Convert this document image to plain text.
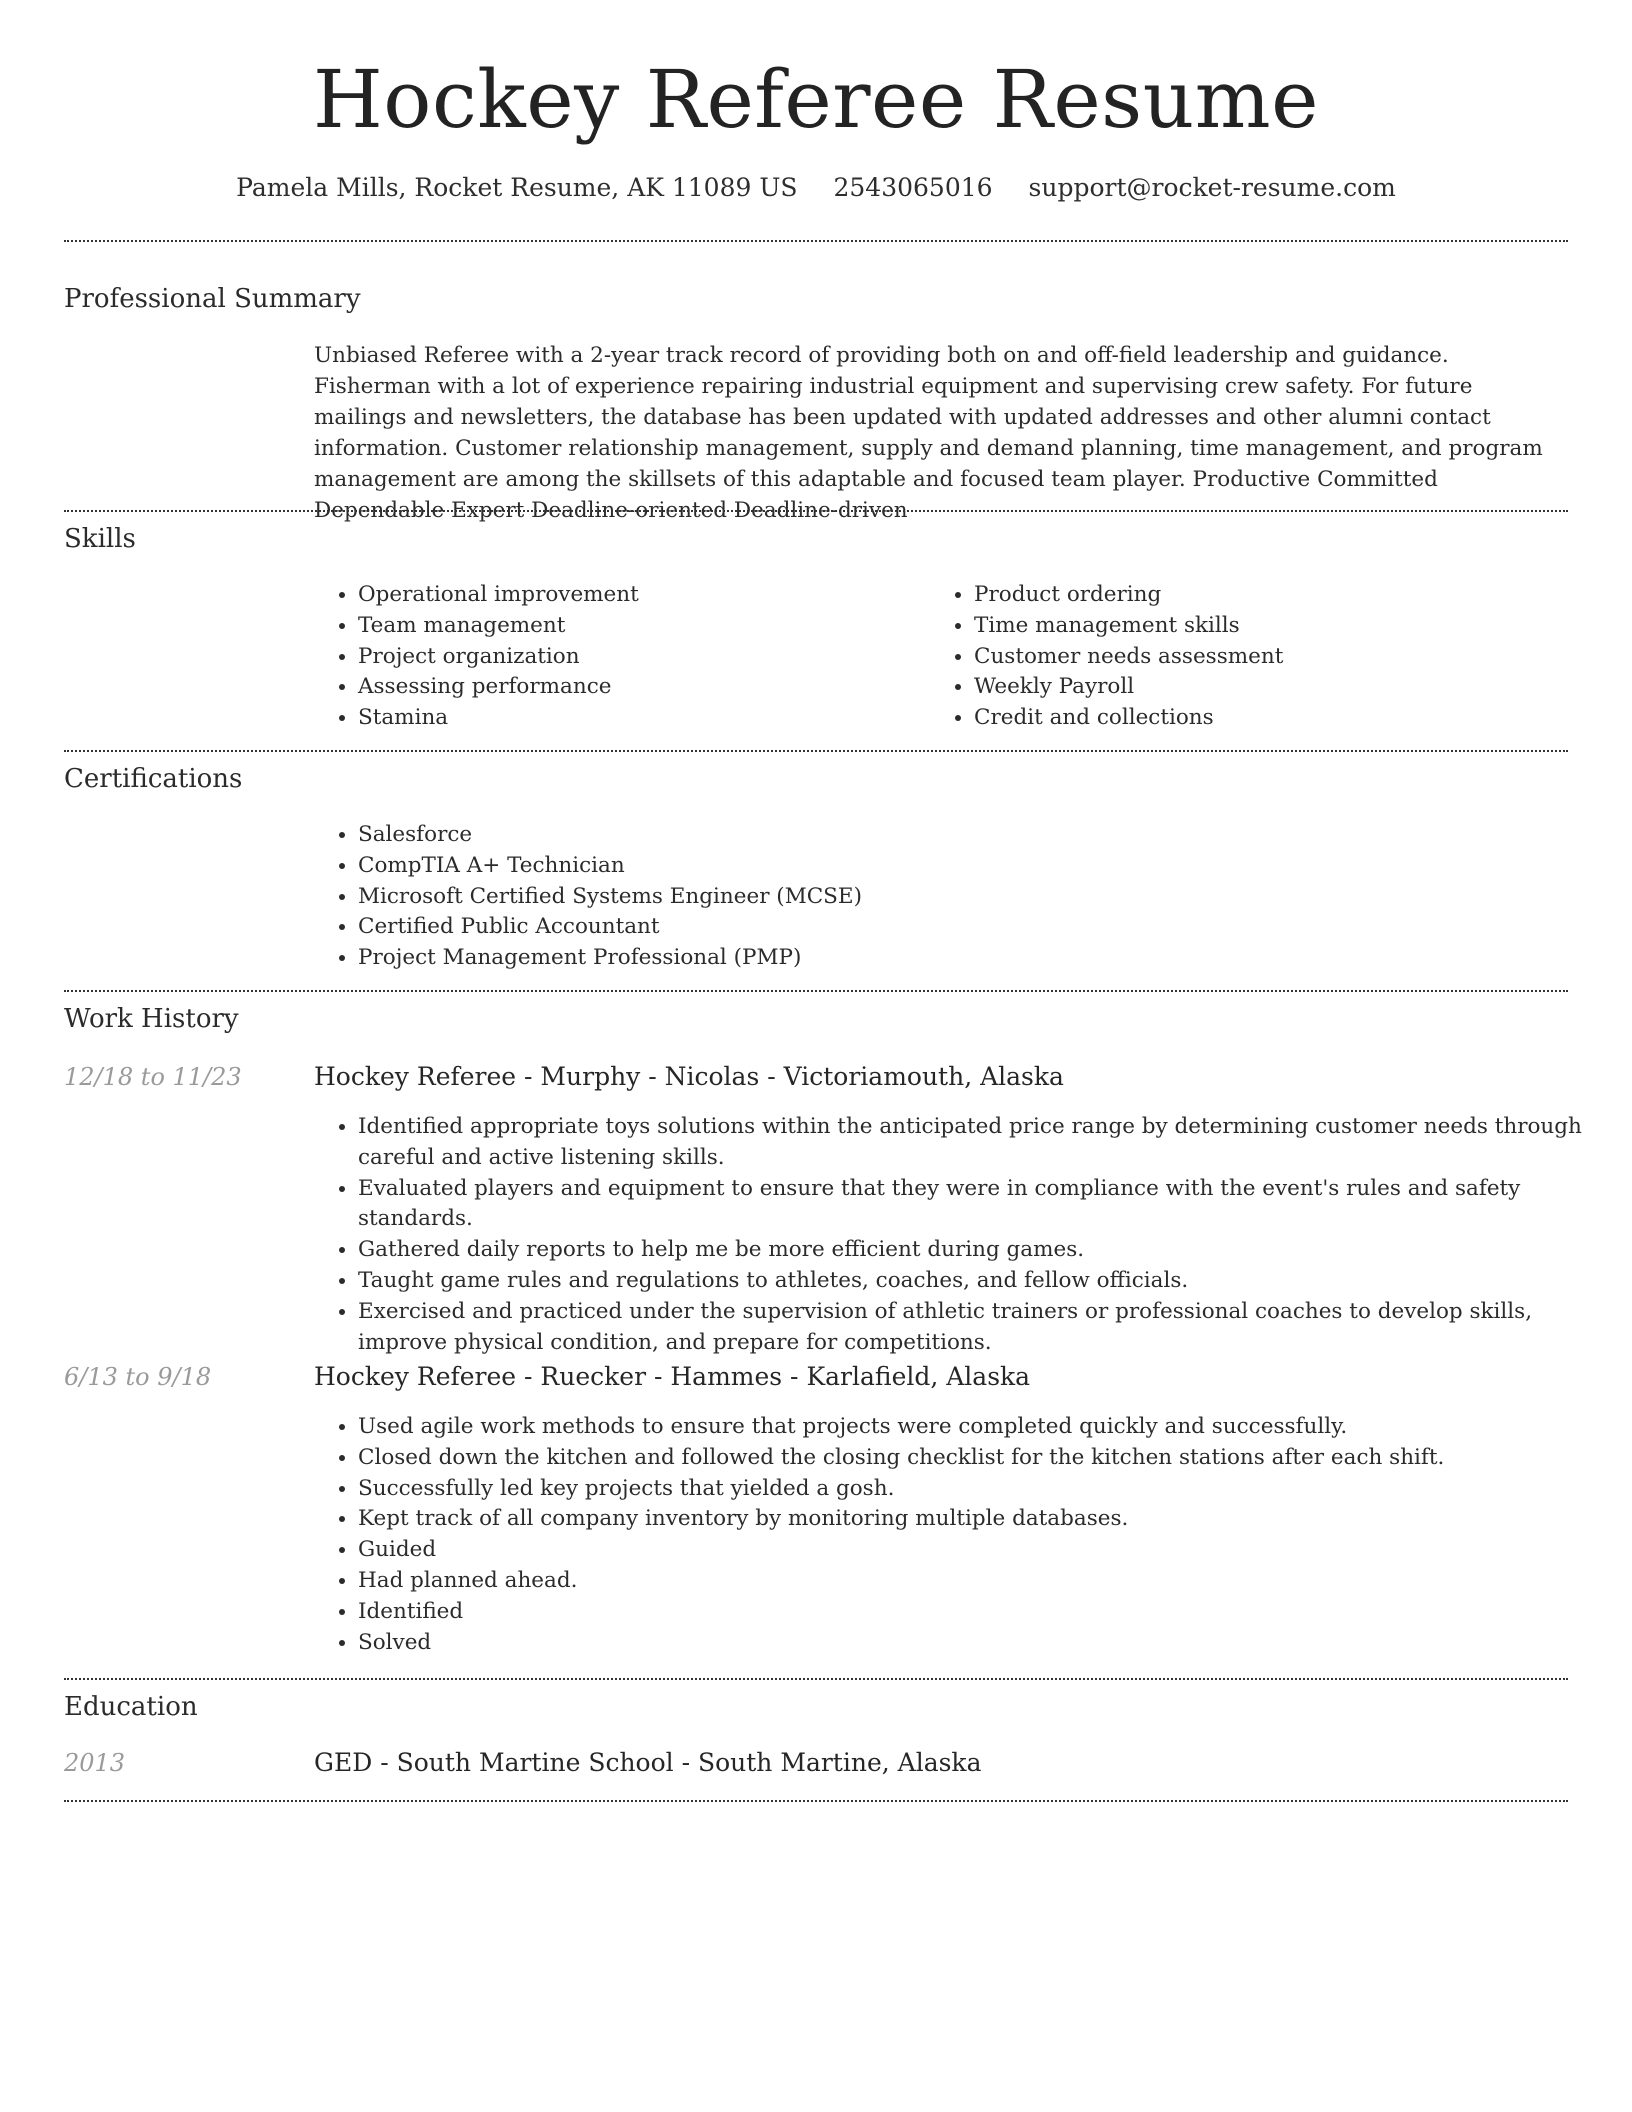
Hockey Referee Resume
Pamela Mills, Rocket Resume, AK 11089 US 2543065016 support@rocket-resume.com
Professional Summary
Unbiased Referee with a 2-year track record of providing both on and off-field leadership and guidance. Fisherman with a lot of experience repairing industrial equipment and supervising crew safety. For future mailings and newsletters, the database has been updated with updated addresses and other alumni contact information. Customer relationship management, supply and demand planning, time management, and program management are among the skillsets of this adaptable and focused team player. Productive Committed Dependable Expert Deadline-oriented Deadline-driven
Skills
• Operational improvement
• Team management
• Project organization
• Assessing performance
• Stamina
• Product ordering
• Time management skills
• Customer needs assessment
• Weekly Payroll
• Credit and collections
Certifications
• Salesforce
• CompTIA A+ Technician
• Microsoft Certified Systems Engineer (MCSE)
• Certified Public Accountant
• Project Management Professional (PMP)
Work History
12/18 to 11/23	Hockey Referee - Murphy - Nicolas - Victoriamouth, Alaska
• Identified appropriate toys solutions within the anticipated price range by determining customer needs through careful and active listening skills.
• Evaluated players and equipment to ensure that they were in compliance with the event's rules and safety standards.
• Gathered daily reports to help me be more efficient during games.
• Taught game rules and regulations to athletes, coaches, and fellow officials.
• Exercised and practiced under the supervision of athletic trainers or professional coaches to develop skills, improve physical condition, and prepare for competitions.
6/13 to 9/18	Hockey Referee - Ruecker - Hammes - Karlafield, Alaska
• Used agile work methods to ensure that projects were completed quickly and successfully.
• Closed down the kitchen and followed the closing checklist for the kitchen stations after each shift.
• Successfully led key projects that yielded a gosh.
• Kept track of all company inventory by monitoring multiple databases.
• Guided
• Had planned ahead.
• Identified
• Solved
Education
2013	GED - South Martine School - South Martine, Alaska
